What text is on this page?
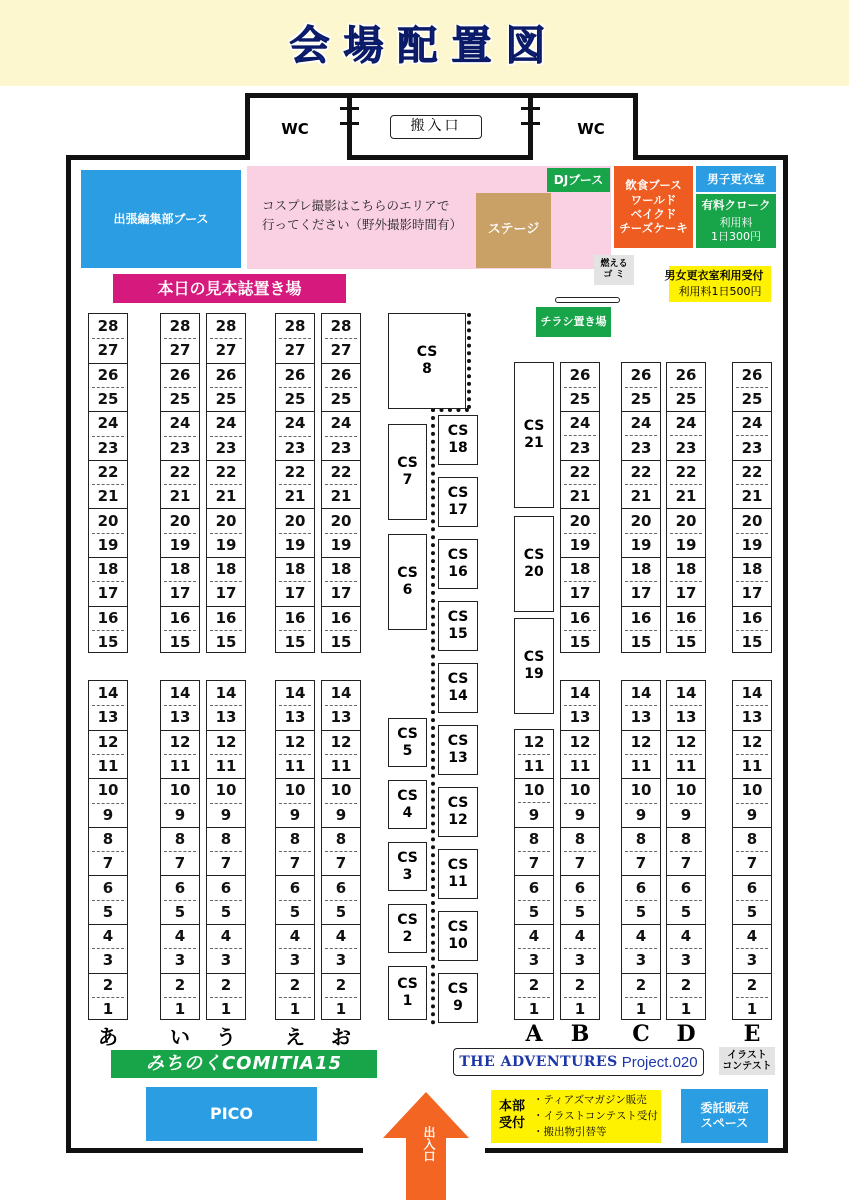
会場配置図
WC	WC
搬入口
出張編集部ブース
コスプレ撮影はこちらのエリアで
行ってください（野外撮影時間有）	ステージ
DJブース	飲食ブース
ワールド
ベイクド
チーズケーキ
男子更衣室
有料クローク
利用料
1日300円
燃える
ゴ ミ	男女更衣室利用受付
利用料1日500円
本日の見本誌置き場
チラシ置き場
28
27
26
25
24
23
22
21
20
19
18
17
16
15
14
13
12
11
10
9
8
7
6
5
4
3
2
1
28
27
26
25
24
23
22
21
20
19
18
17
16
15
14
13
12
11
10
9
8
7
6
5
4
3
2
1
28
27
26
25
24
23
22
21
20
19
18
17
16
15
14
13
12
11
10
9
8
7
6
5
4
3
2
1
28
27
26
25
24
23
22
21
20
19
18
17
16
15
14
13
12
11
10
9
8
7
6
5
4
3
2
1
28
27
26
25
24
23
22
21
20
19
18
17
16
15
14
13
12
11
10
9
8
7
6
5
4
3
2
1
26
25
24
23
22
21
20
19
18
17
16
15
14
13
12
11
10
9
8
7
6
5
4
3
2
1
26
25
24
23
22
21
20
19
18
17
16
15
14
13
12
11
10
9
8
7
6
5
4
3
2
1
26
25
24
23
22
21
20
19
18
17
16
15
14
13
12
11
10
9
8
7
6
5
4
3
2
1
26
25
24
23
22
21
20
19
18
17
16
15
14
13
12
11
10
9
8
7
6
5
4
3
2
1
12
11
10
9
8
7
6
5
4
3
2
1
CS
8
CS
7
CS
6
CS
5
CS
4
CS
3
CS
2
CS
1
CS
18
CS
17
CS
16
CS
15
CS
14
CS
13
CS
12
CS
11
CS
10
CS
9
CS
21
CS
20
CS
19
あ	い	う	え	お	A	B	C	D	E
みちのくCOMITIA15	THE ADVENTURES Project.020	イラスト
コンテスト
PICO
出入口
本部
受付
・ティアズマガジン販売
・イラストコンテスト受付
・搬出物引替等
委託販売
スペース
